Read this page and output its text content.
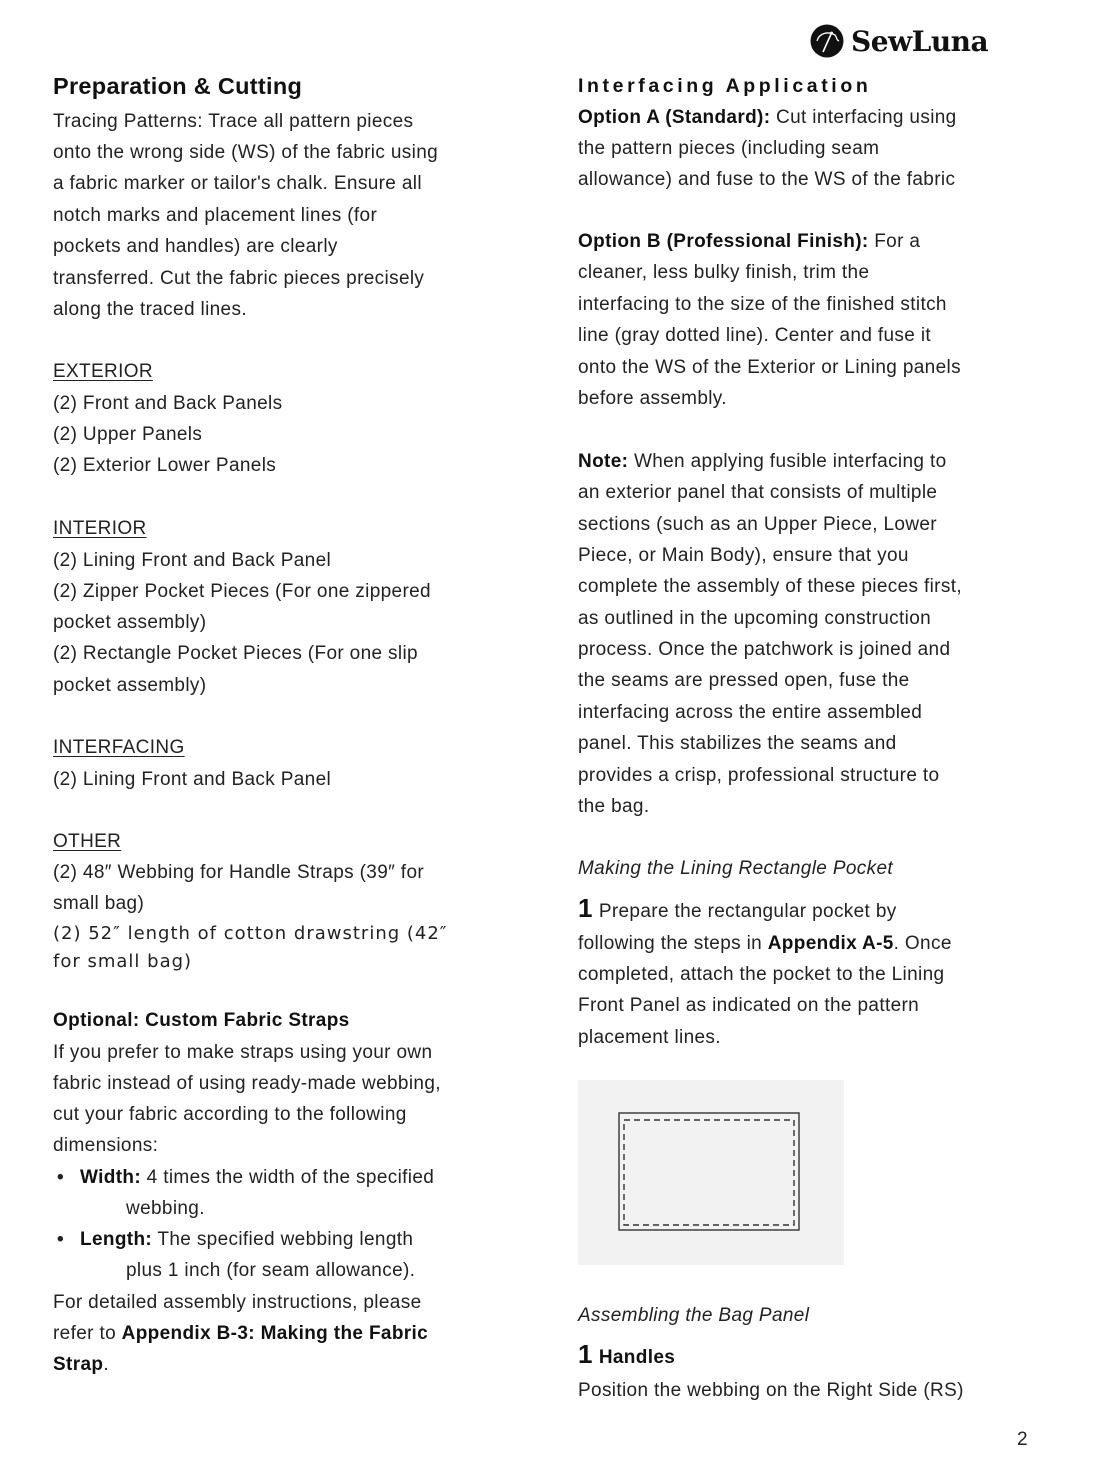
SewLuna
Preparation & Cutting
Tracing Patterns: Trace all pattern pieces
onto the wrong side (WS) of the fabric using
a fabric marker or tailor's chalk. Ensure all
notch marks and placement lines (for
pockets and handles) are clearly
transferred. Cut the fabric pieces precisely
along the traced lines.
EXTERIOR
(2) Front and Back Panels
(2) Upper Panels
(2) Exterior Lower Panels
INTERIOR
(2) Lining Front and Back Panel
(2) Zipper Pocket Pieces (For one zippered
pocket assembly)
(2) Rectangle Pocket Pieces (For one slip
pocket assembly)
INTERFACING
(2) Lining Front and Back Panel
OTHER
(2) 48″ Webbing for Handle Straps (39″ for
small bag)
(2) 52″ length of cotton drawstring (42″
for small bag)
Optional: Custom Fabric Straps
If you prefer to make straps using your own
fabric instead of using ready-made webbing,
cut your fabric according to the following
dimensions:
• Width: 4 times the width of the specified
webbing.
• Length: The specified webbing length
plus 1 inch (for seam allowance).
For detailed assembly instructions, please
refer to Appendix B-3: Making the Fabric
Strap.
Interfacing Application
Option A (Standard): Cut interfacing using
the pattern pieces (including seam
allowance) and fuse to the WS of the fabric
Option B (Professional Finish): For a
cleaner, less bulky finish, trim the
interfacing to the size of the finished stitch
line (gray dotted line). Center and fuse it
onto the WS of the Exterior or Lining panels
before assembly.
Note: When applying fusible interfacing to
an exterior panel that consists of multiple
sections (such as an Upper Piece, Lower
Piece, or Main Body), ensure that you
complete the assembly of these pieces first,
as outlined in the upcoming construction
process. Once the patchwork is joined and
the seams are pressed open, fuse the
interfacing across the entire assembled
panel. This stabilizes the seams and
provides a crisp, professional structure to
the bag.
Making the Lining Rectangle Pocket
1 Prepare the rectangular pocket by
following the steps in Appendix A-5. Once
completed, attach the pocket to the Lining
Front Panel as indicated on the pattern
placement lines.
Assembling the Bag Panel
1 Handles
Position the webbing on the Right Side (RS)
2
